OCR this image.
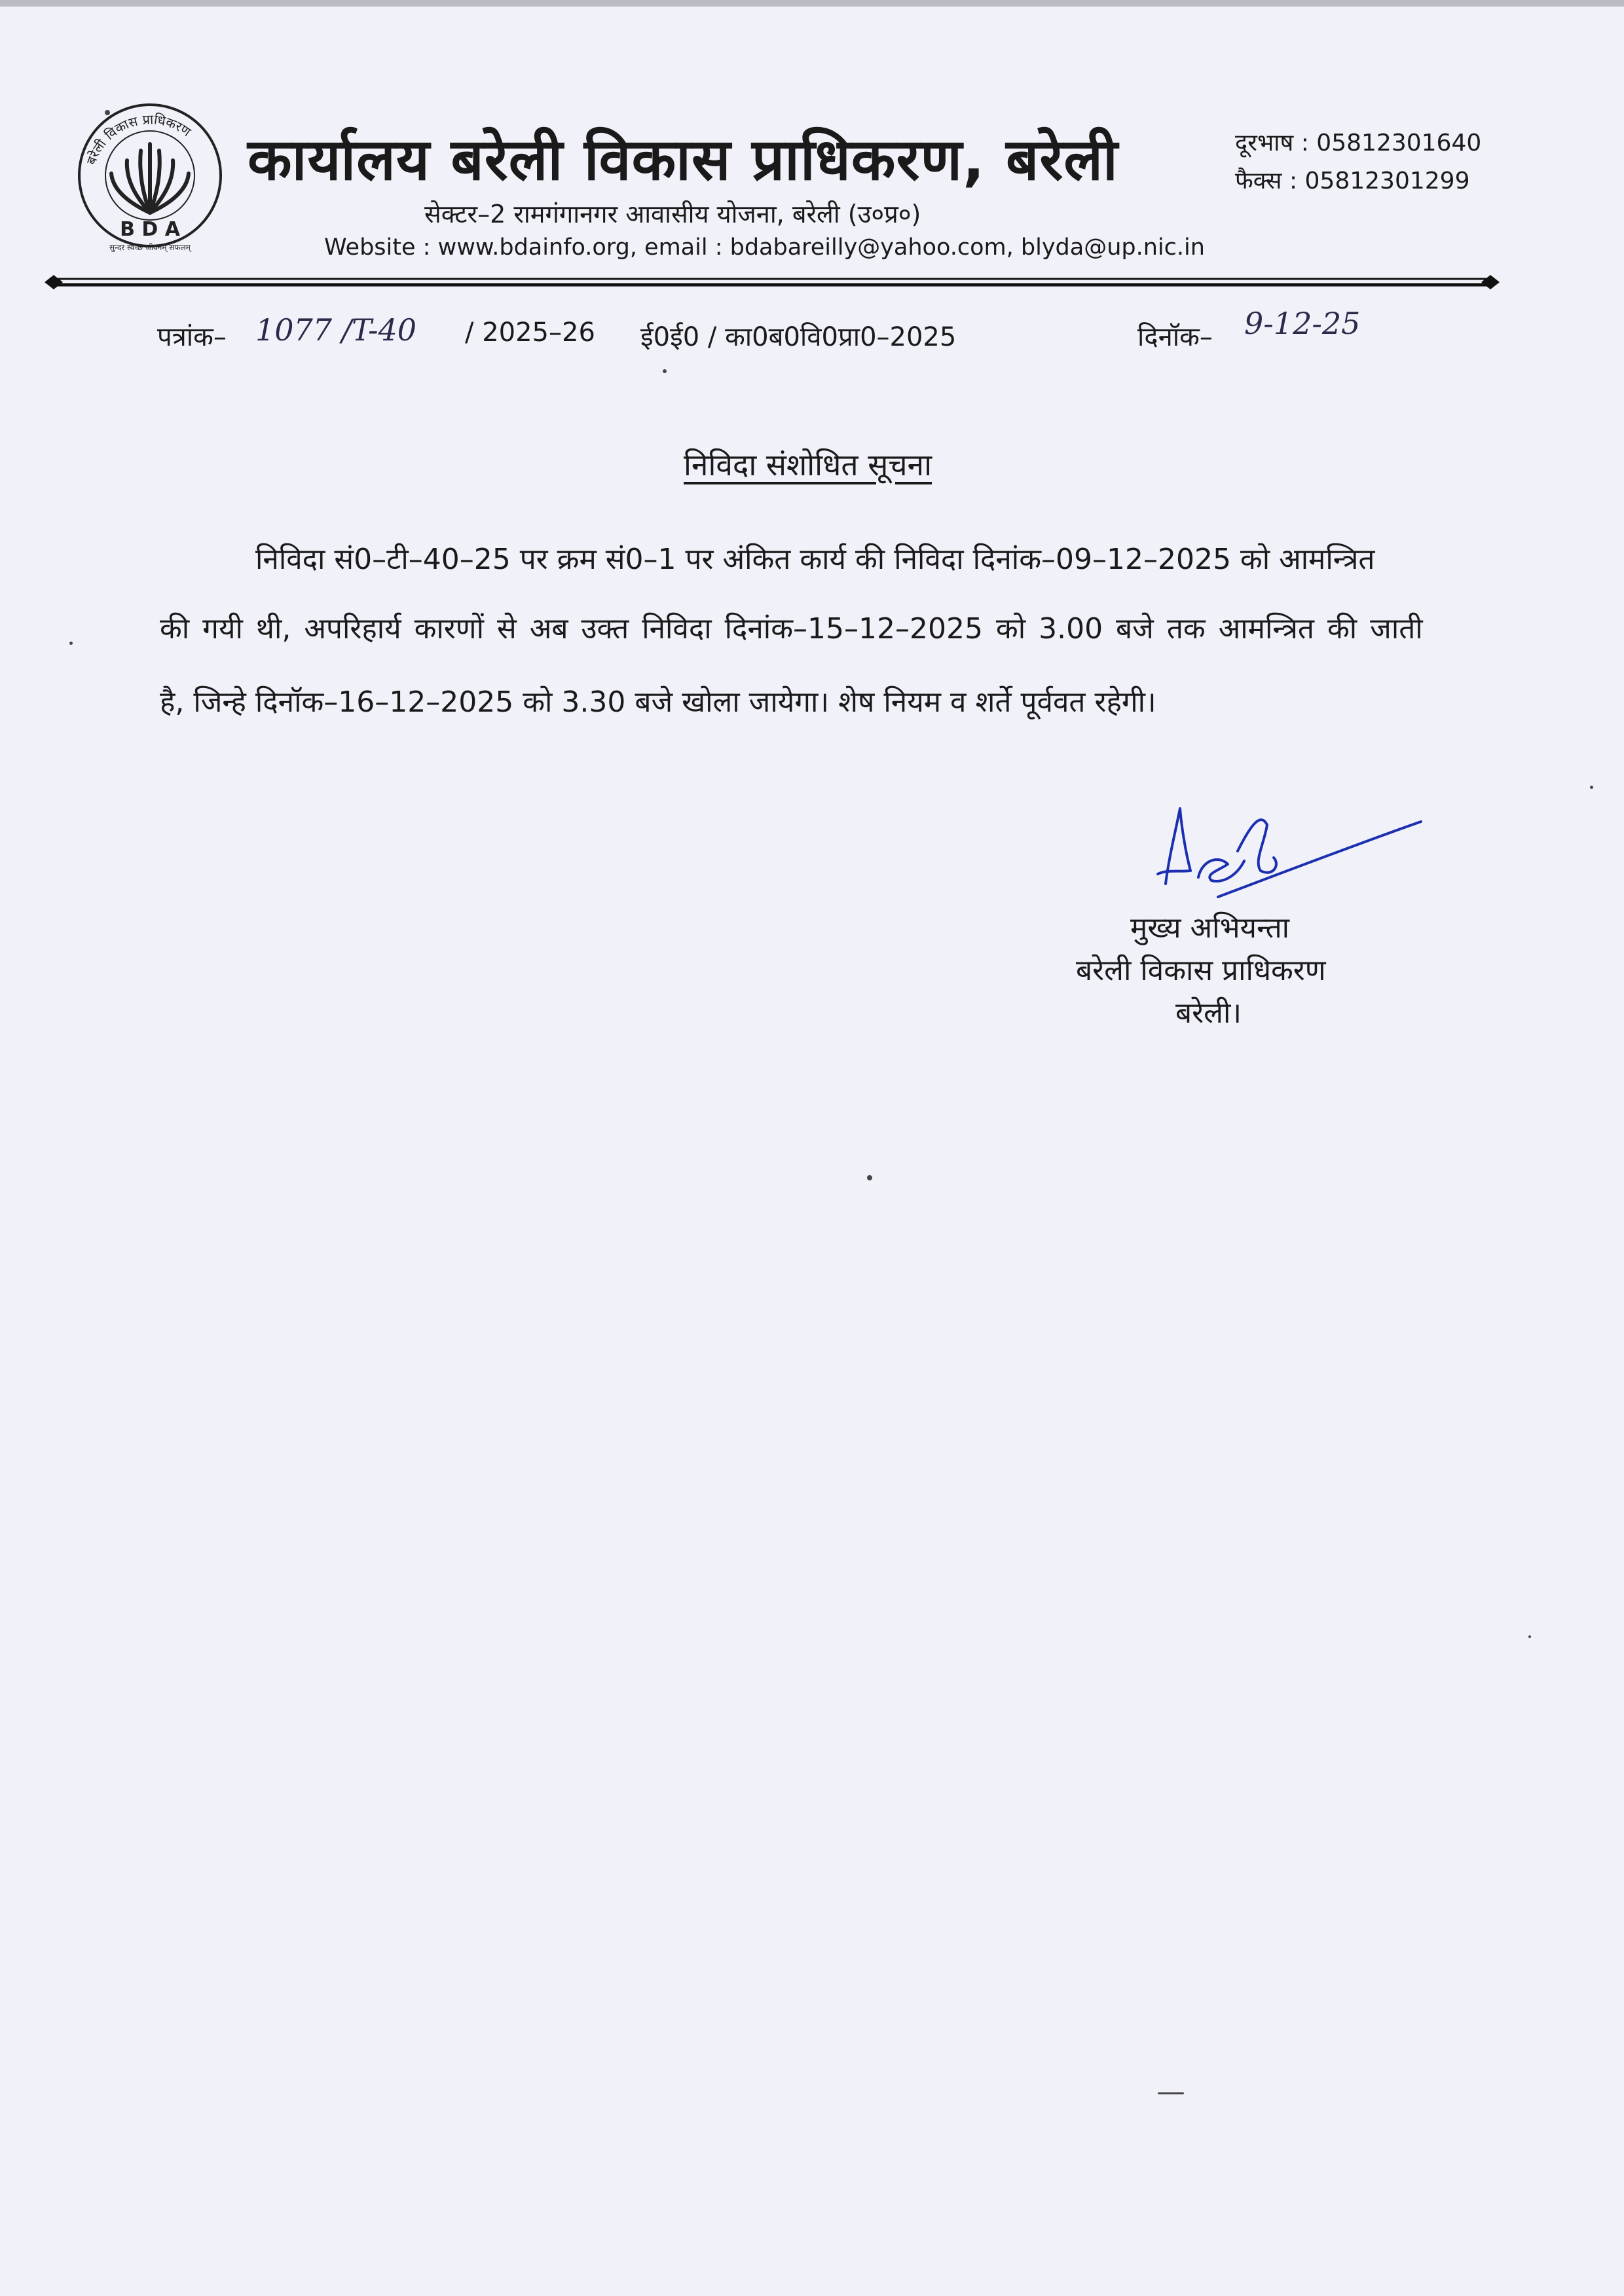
बरेली विकास प्राधिकरण
B D A
सुन्दर स्वच्छ जीवनम् सफलम्
कार्यालय बरेली विकास प्राधिकरण, बरेली
सेक्टर–2 रामगंगानगर आवासीय योजना, बरेली (उ०प्र०)
Website : www.bdainfo.org, email : bdabareilly@yahoo.com, blyda@up.nic.in
दूरभाष : 05812301640
फैक्स : 05812301299
पत्रांक– 1077 /T-40 / 2025–26 ई0ई0 / का0ब0वि0प्रा0–2025	दिनॉक– 9-12-25
निविदा संशोधित सूचना
निविदा सं0–टी–40–25 पर क्रम सं0–1 पर अंकित कार्य की निविदा दिनांक–09–12–2025 को आमन्त्रित
की गयी थी, अपरिहार्य कारणों से अब उक्त निविदा दिनांक–15–12–2025 को 3.00 बजे तक आमन्त्रित की जाती
है, जिन्हे दिनॉक–16–12–2025 को 3.30 बजे खोला जायेगा। शेष नियम व शर्ते पूर्ववत रहेगी।
मुख्य अभियन्ता
बरेली विकास प्राधिकरण
बरेली।
